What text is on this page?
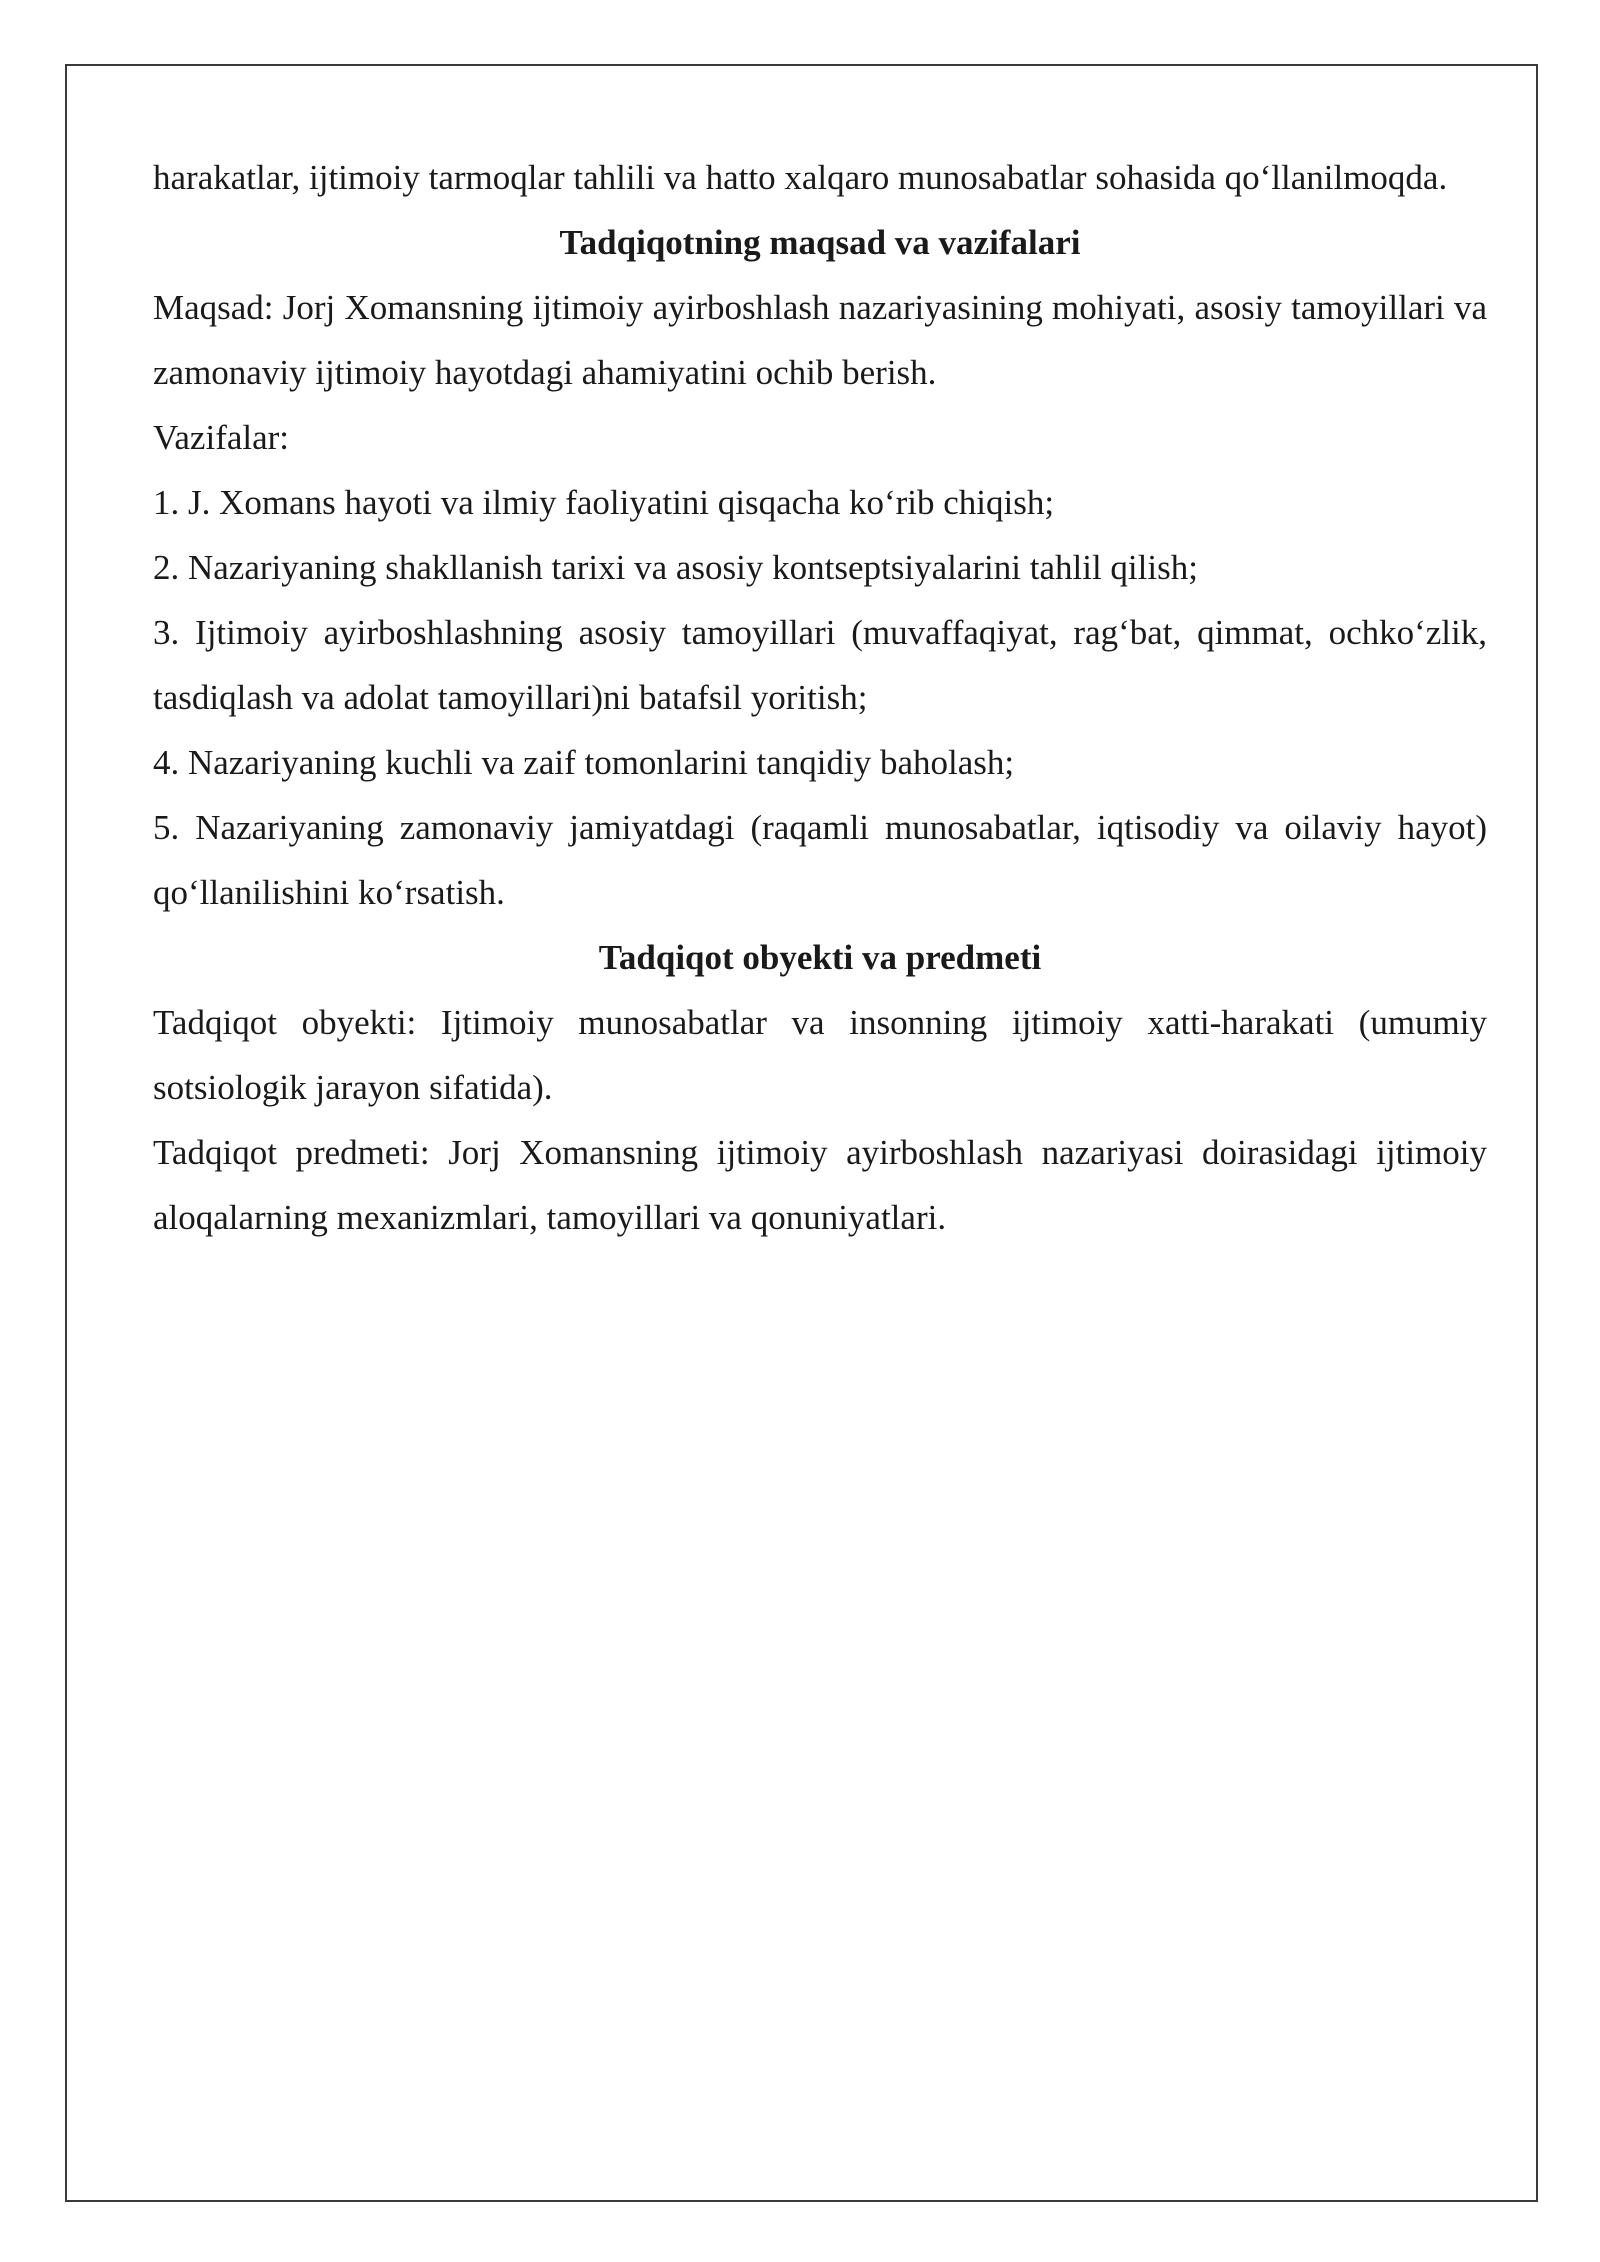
harakatlar, ijtimoiy tarmoqlar tahlili va hatto xalqaro munosabatlar sohasida qo‘llanilmoqda.

Tadqiqotning maqsad va vazifalari

Maqsad: Jorj Xomansning ijtimoiy ayirboshlash nazariyasining mohiyati, asosiy tamoyillari va zamonaviy ijtimoiy hayotdagi ahamiyatini ochib berish.

Vazifalar:

1. J. Xomans hayoti va ilmiy faoliyatini qisqacha ko‘rib chiqish;

2. Nazariyaning shakllanish tarixi va asosiy kontseptsiyalarini tahlil qilish;

3. Ijtimoiy ayirboshlashning asosiy tamoyillari (muvaffaqiyat, rag‘bat, qimmat, ochko‘zlik, tasdiqlash va adolat tamoyillari)ni batafsil yoritish;

4. Nazariyaning kuchli va zaif tomonlarini tanqidiy baholash;

5. Nazariyaning zamonaviy jamiyatdagi (raqamli munosabatlar, iqtisodiy va oilaviy hayot) qo‘llanilishini ko‘rsatish.

Tadqiqot obyekti va predmeti

Tadqiqot obyekti: Ijtimoiy munosabatlar va insonning ijtimoiy xatti-harakati (umumiy sotsiologik jarayon sifatida).

Tadqiqot predmeti: Jorj Xomansning ijtimoiy ayirboshlash nazariyasi doirasidagi ijtimoiy aloqalarning mexanizmlari, tamoyillari va qonuniyatlari.
